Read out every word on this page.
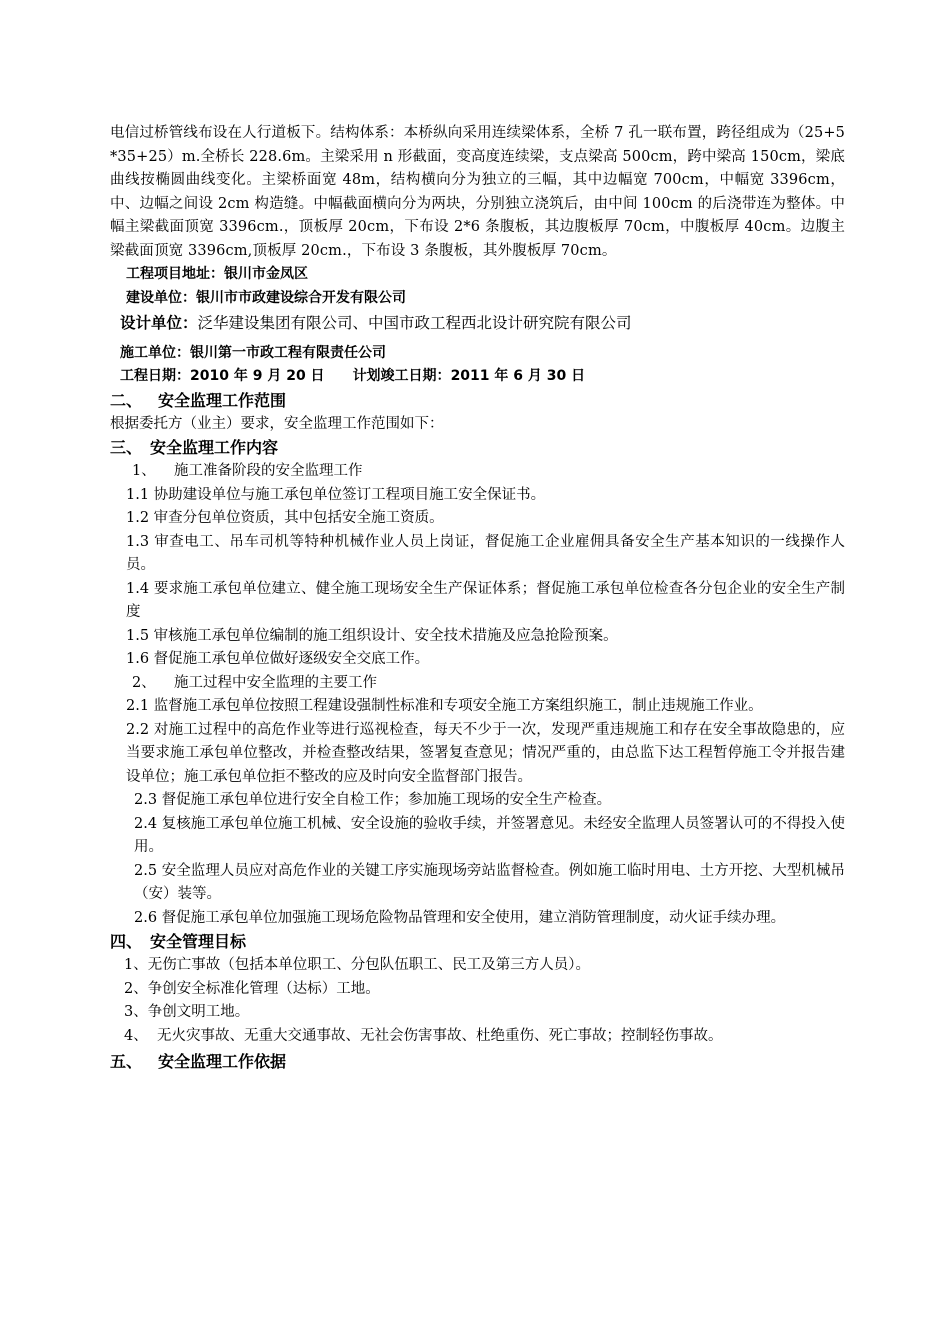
电信过桥管线布设在人行道板下。结构体系：本桥纵向采用连续梁体系，全桥 7 孔一联布置，跨径组成为（25+5*35+25）m.全桥长 228.6m。主梁采用 n 形截面，变高度连续梁，支点梁高 500cm，跨中梁高 150cm，梁底曲线按椭圆曲线变化。主梁桥面宽 48m，结构横向分为独立的三幅，其中边幅宽 700cm，中幅宽 3396cm，中、边幅之间设 2cm 构造缝。中幅截面横向分为两块，分别独立浇筑后，由中间 100cm 的后浇带连为整体。中幅主梁截面顶宽 3396cm.，顶板厚 20cm，下布设 2*6 条腹板，其边腹板厚 70cm，中腹板厚 40cm。边腹主梁截面顶宽 3396cm,顶板厚 20cm.，下布设 3 条腹板，其外腹板厚 70cm。

工程项目地址：银川市金凤区

建设单位：银川市市政建设综合开发有限公司

设计单位：泛华建设集团有限公司、中国市政工程西北设计研究院有限公司

施工单位：银川第一市政工程有限责任公司

工程日期：2010 年 9 月 20 日 计划竣工日期：2011 年 6 月 30 日

二、 安全监理工作范围

根据委托方（业主）要求，安全监理工作范围如下：

三、 安全监理工作内容

1、 施工准备阶段的安全监理工作

1.1 协助建设单位与施工承包单位签订工程项目施工安全保证书。

1.2 审查分包单位资质，其中包括安全施工资质。

1.3 审查电工、吊车司机等特种机械作业人员上岗证，督促施工企业雇佣具备安全生产基本知识的一线操作人员。

1.4 要求施工承包单位建立、健全施工现场安全生产保证体系；督促施工承包单位检查各分包企业的安全生产制度

1.5 审核施工承包单位编制的施工组织设计、安全技术措施及应急抢险预案。

1.6 督促施工承包单位做好逐级安全交底工作。

2、 施工过程中安全监理的主要工作

2.1 监督施工承包单位按照工程建设强制性标准和专项安全施工方案组织施工，制止违规施工作业。

2.2 对施工过程中的高危作业等进行巡视检查，每天不少于一次，发现严重违规施工和存在安全事故隐患的，应当要求施工承包单位整改，并检查整改结果，签署复查意见；情况严重的，由总监下达工程暂停施工令并报告建设单位；施工承包单位拒不整改的应及时向安全监督部门报告。

2.3 督促施工承包单位进行安全自检工作；参加施工现场的安全生产检查。

2.4 复核施工承包单位施工机械、安全设施的验收手续，并签署意见。未经安全监理人员签署认可的不得投入使用。

2.5 安全监理人员应对高危作业的关键工序实施现场旁站监督检查。例如施工临时用电、土方开挖、大型机械吊（安）装等。

2.6 督促施工承包单位加强施工现场危险物品管理和安全使用，建立消防管理制度，动火证手续办理。

四、 安全管理目标

1、无伤亡事故（包括本单位职工、分包队伍职工、民工及第三方人员）。

2、争创安全标准化管理（达标）工地。

3、争创文明工地。

4、  无火灾事故、无重大交通事故、无社会伤害事故、杜绝重伤、死亡事故；控制轻伤事故。

五、 安全监理工作依据
